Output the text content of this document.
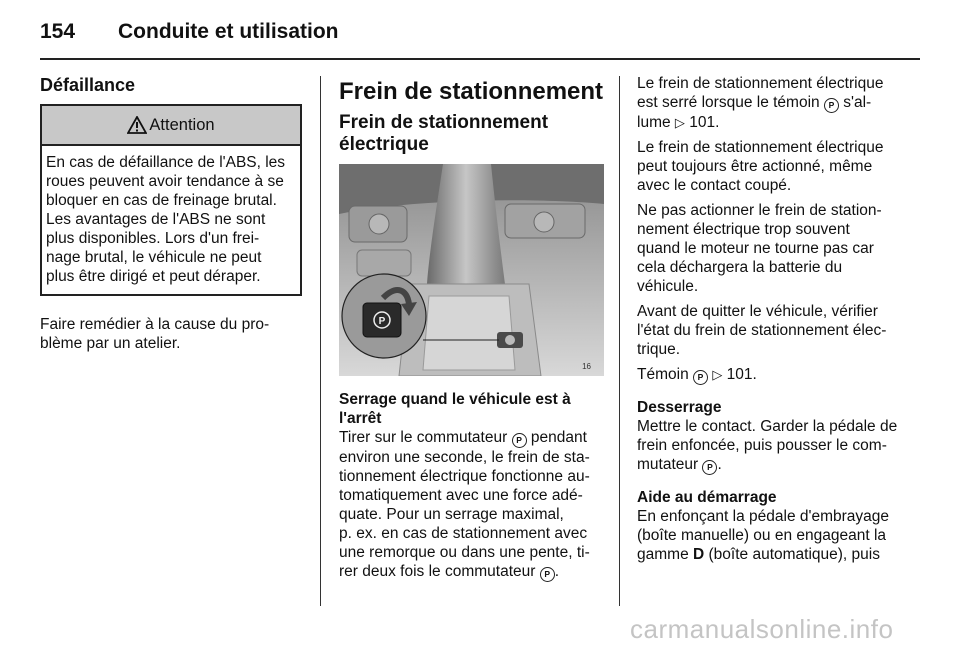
154 Conduite et utilisation
Défaillance
Attention

En cas de défaillance de l'ABS, les
roues peuvent avoir tendance à se
bloquer en cas de freinage brutal.
Les avantages de l'ABS ne sont
plus disponibles. Lors d'un frei-
nage brutal, le véhicule ne peut
plus être dirigé et peut déraper.

Faire remédier à la cause du pro-
blème par un atelier.

Frein de stationnement
Frein de stationnement
électrique
P
16

Serrage quand le véhicule est à l'arrêt

Tirer sur le commutateur P pendant
environ une seconde, le frein de sta-
tionnement électrique fonctionne au-
tomatiquement avec une force adé-
quate. Pour un serrage maximal,
p. ex. en cas de stationnement avec
une remorque ou dans une pente, ti-
rer deux fois le commutateur P .

Le frein de stationnement électrique
est serré lorsque le témoin P s'al-
lume ▷ 101.

Le frein de stationnement électrique
peut toujours être actionné, même
avec le contact coupé.

Ne pas actionner le frein de station-
nement électrique trop souvent
quand le moteur ne tourne pas car
cela déchargera la batterie du
véhicule.

Avant de quitter le véhicule, vérifier
l'état du frein de stationnement élec-
trique.

Témoin P ▷ 101.

Desserrage

Mettre le contact. Garder la pédale de
frein enfoncée, puis pousser le com-
mutateur P .

Aide au démarrage

En enfonçant la pédale d'embrayage
(boîte manuelle) ou en engageant la
gamme D (boîte automatique), puis

carmanualsonline.info
